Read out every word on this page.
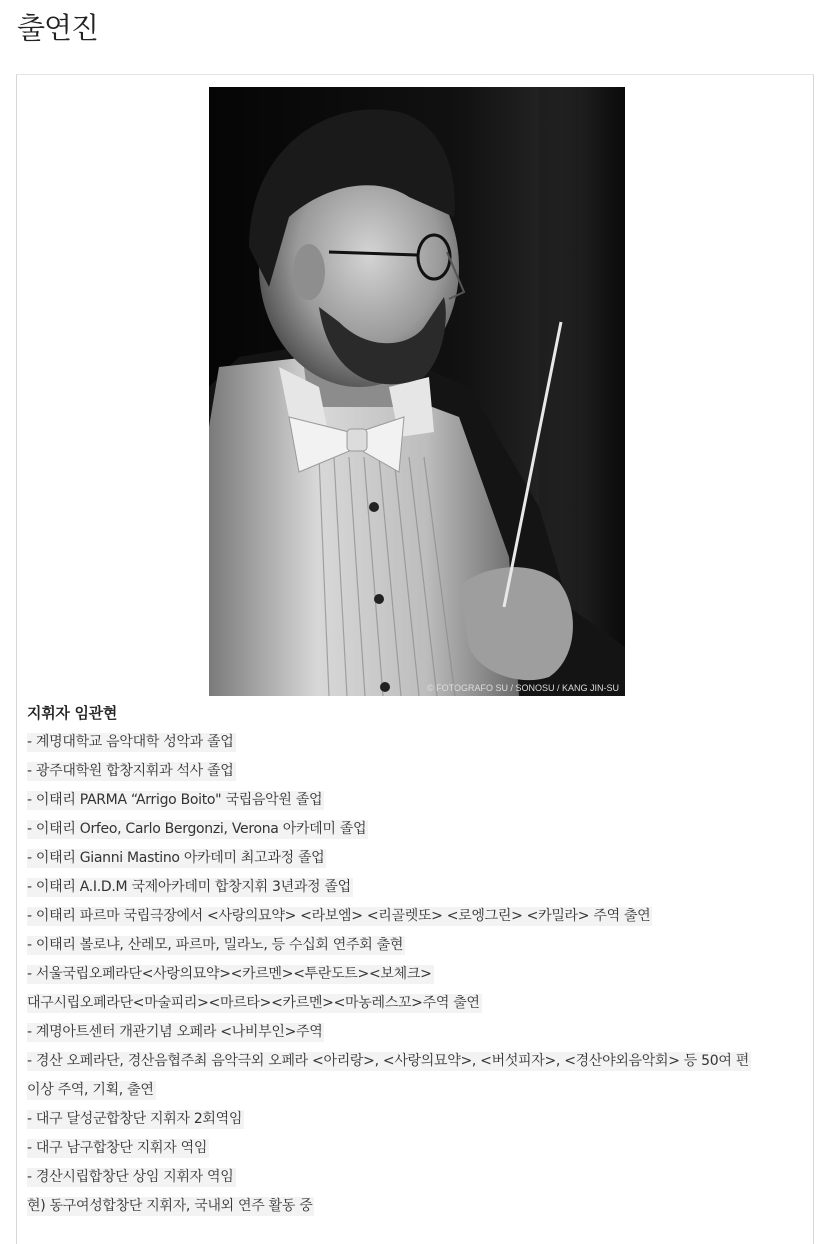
출연진
© FOTOGRAFO SU / SONOSU / KANG JIN-SU
지휘자 임관현
- 계명대학교 음악대학 성악과 졸업
- 광주대학원 합창지휘과 석사 졸업
- 이태리 PARMA “Arrigo Boito" 국립음악원 졸업
- 이태리 Orfeo, Carlo Bergonzi, Verona 아카데미 졸업
- 이태리 Gianni Mastino 아카데미 최고과정 졸업
- 이태리 A.I.D.M 국제아카데미 합창지휘 3년과정 졸업
- 이태리 파르마 국립극장에서 <사랑의묘약> <라보엠> <리골렛또> <로엥그린> <카밀라> 주역 출연
- 이태리 볼로냐, 산레모, 파르마, 밀라노, 등 수십회 연주회 출현
- 서울국립오페라단<사랑의묘약><카르멘><투란도트><보체크>
대구시립오페라단<마술피리><마르타><카르멘><마농레스꼬>주역 출연
- 계명아트센터 개관기념 오페라 <나비부인>주역
- 경산 오페라단, 경산음협주최 음악극외 오페라 <아리랑>, <사랑의묘약>, <버섯피자>, <경산야외음악회> 등 50여 편
이상 주역, 기획, 출연
- 대구 달성군합창단 지휘자 2회역임
- 대구 남구합창단 지휘자 역임
- 경산시립합창단 상임 지휘자 역임
현) 동구여성합창단 지휘자, 국내외 연주 활동 중
